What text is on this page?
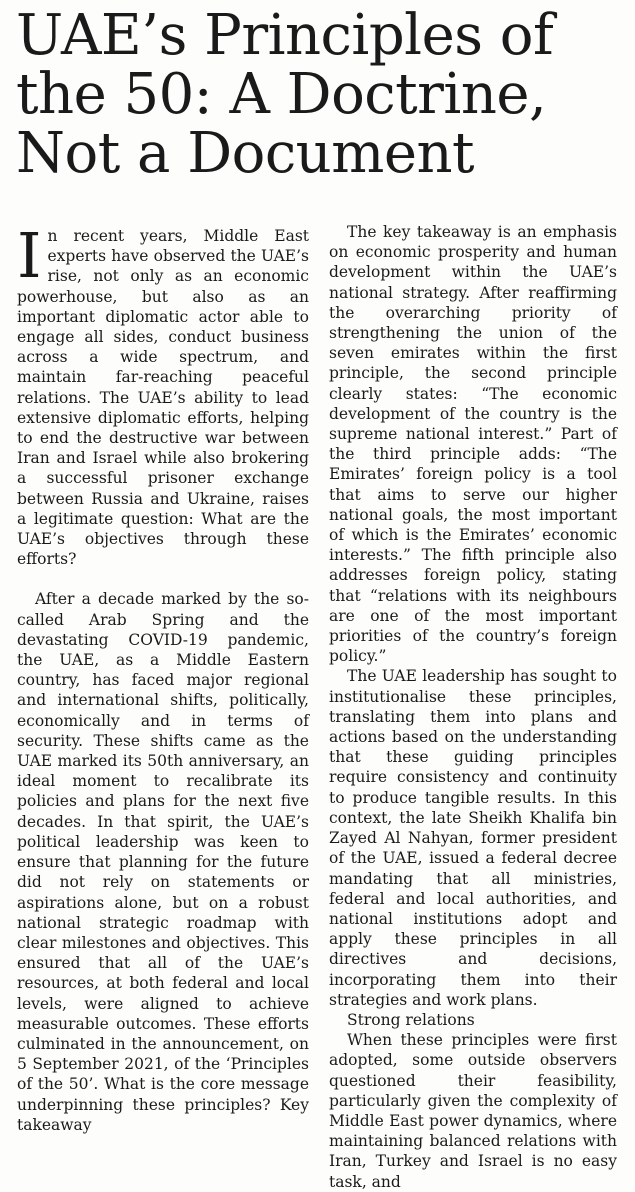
UAE’s Principles of the 50: A Doctrine, Not a Document

In recent years, Middle East experts have observed the UAE’s rise, not only as an economic powerhouse, but also as an important diplomatic actor able to engage all sides, conduct business across a wide spectrum, and maintain far-reaching peaceful relations. The UAE’s ability to lead extensive diplomatic efforts, helping to end the destructive war between Iran and Israel while also brokering a successful prisoner exchange between Russia and Ukraine, raises a legitimate question: What are the UAE’s objectives through these efforts?

After a decade marked by the so-called Arab Spring and the devastating COVID-19 pandemic, the UAE, as a Middle Eastern country, has faced major regional and international shifts, politically, economically and in terms of security. These shifts came as the UAE marked its 50th anniversary, an ideal moment to recalibrate its policies and plans for the next five decades. In that spirit, the UAE’s political leadership was keen to ensure that planning for the future did not rely on statements or aspirations alone, but on a robust national strategic roadmap with clear milestones and objectives. This ensured that all of the UAE’s resources, at both federal and local levels, were aligned to achieve measurable outcomes. These efforts culminated in the announcement, on 5 September 2021, of the ‘Principles of the 50’. What is the core message underpinning these principles? Key takeaway

The key takeaway is an emphasis on economic prosperity and human development within the UAE’s national strategy. After reaffirming the overarching priority of strengthening the union of the seven emirates within the first principle, the second principle clearly states: “The economic development of the country is the supreme national interest.” Part of the third principle adds: “The Emirates’ foreign policy is a tool that aims to serve our higher national goals, the most important of which is the Emirates’ economic interests.” The fifth principle also addresses foreign policy, stating that “relations with its neighbours are one of the most important priorities of the country’s foreign policy.”

The UAE leadership has sought to institutionalise these principles, translating them into plans and actions based on the understanding that these guiding principles require consistency and continuity to produce tangible results. In this context, the late Sheikh Khalifa bin Zayed Al Nahyan, former president of the UAE, issued a federal decree mandating that all ministries, federal and local authorities, and national institutions adopt and apply these principles in all directives and decisions, incorporating them into their strategies and work plans.

Strong relations

When these principles were first adopted, some outside observers questioned their feasibility, particularly given the complexity of Middle East power dynamics, where maintaining balanced relations with Iran, Turkey and Israel is no easy task, and
